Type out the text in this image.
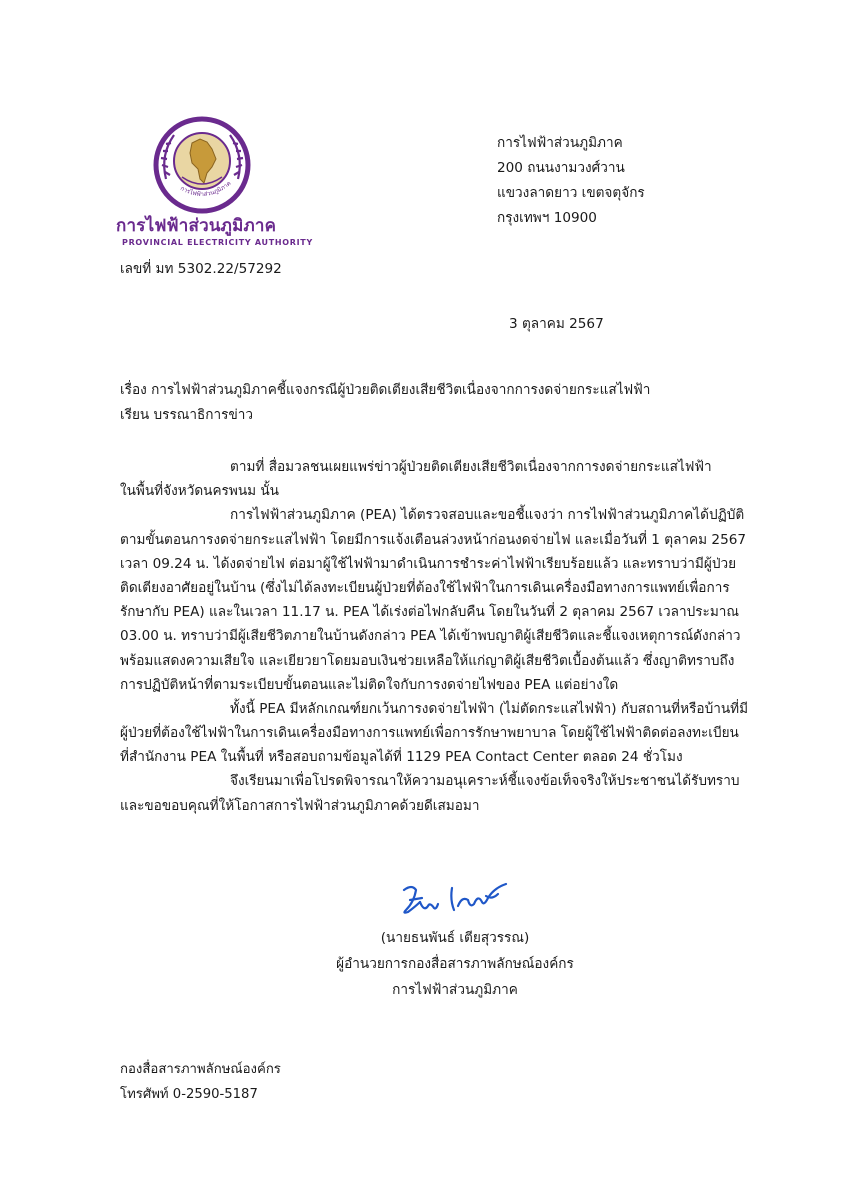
การไฟฟ้าส่วนภูมิภาค
การไฟฟ้าส่วนภูมิภาค
PROVINCIAL ELECTRICITY AUTHORITY
การไฟฟ้าส่วนภูมิภาค
200 ถนนงามวงศ์วาน
แขวงลาดยาว เขตจตุจักร
กรุงเทพฯ 10900
เลขที่ มท 5302.22/57292
3 ตุลาคม 2567
เรื่อง การไฟฟ้าส่วนภูมิภาคชี้แจงกรณีผู้ป่วยติดเตียงเสียชีวิตเนื่องจากการงดจ่ายกระแสไฟฟ้า
เรียน บรรณาธิการข่าว
ตามที่ สื่อมวลชนเผยแพร่ข่าวผู้ป่วยติดเตียงเสียชีวิตเนื่องจากการงดจ่ายกระแสไฟฟ้า
ในพื้นที่จังหวัดนครพนม นั้น
การไฟฟ้าส่วนภูมิภาค (PEA) ได้ตรวจสอบและขอชี้แจงว่า การไฟฟ้าส่วนภูมิภาคได้ปฏิบัติ
ตามขั้นตอนการงดจ่ายกระแสไฟฟ้า โดยมีการแจ้งเตือนล่วงหน้าก่อนงดจ่ายไฟ และเมื่อวันที่ 1 ตุลาคม 2567
เวลา 09.24 น. ได้งดจ่ายไฟ ต่อมาผู้ใช้ไฟฟ้ามาดำเนินการชำระค่าไฟฟ้าเรียบร้อยแล้ว และทราบว่ามีผู้ป่วย
ติดเตียงอาศัยอยู่ในบ้าน (ซึ่งไม่ได้ลงทะเบียนผู้ป่วยที่ต้องใช้ไฟฟ้าในการเดินเครื่องมือทางการแพทย์เพื่อการ
รักษากับ PEA) และในเวลา 11.17 น. PEA ได้เร่งต่อไฟกลับคืน โดยในวันที่ 2 ตุลาคม 2567 เวลาประมาณ
03.00 น. ทราบว่ามีผู้เสียชีวิตภายในบ้านดังกล่าว PEA ได้เข้าพบญาติผู้เสียชีวิตและชี้แจงเหตุการณ์ดังกล่าว
พร้อมแสดงความเสียใจ และเยียวยาโดยมอบเงินช่วยเหลือให้แก่ญาติผู้เสียชีวิตเบื้องต้นแล้ว ซึ่งญาติทราบถึง
การปฏิบัติหน้าที่ตามระเบียบขั้นตอนและไม่ติดใจกับการงดจ่ายไฟของ PEA แต่อย่างใด
ทั้งนี้ PEA มีหลักเกณฑ์ยกเว้นการงดจ่ายไฟฟ้า (ไม่ตัดกระแสไฟฟ้า) กับสถานที่หรือบ้านที่มี
ผู้ป่วยที่ต้องใช้ไฟฟ้าในการเดินเครื่องมือทางการแพทย์เพื่อการรักษาพยาบาล โดยผู้ใช้ไฟฟ้าติดต่อลงทะเบียน
ที่สำนักงาน PEA ในพื้นที่ หรือสอบถามข้อมูลได้ที่ 1129 PEA Contact Center ตลอด 24 ชั่วโมง
จึงเรียนมาเพื่อโปรดพิจารณาให้ความอนุเคราะห์ชี้แจงข้อเท็จจริงให้ประชาชนได้รับทราบ
และขอขอบคุณที่ให้โอกาสการไฟฟ้าส่วนภูมิภาคด้วยดีเสมอมา
(นายธนพันธ์ เตียสุวรรณ)
ผู้อำนวยการกองสื่อสารภาพลักษณ์องค์กร
การไฟฟ้าส่วนภูมิภาค
กองสื่อสารภาพลักษณ์องค์กร
โทรศัพท์ 0-2590-5187
